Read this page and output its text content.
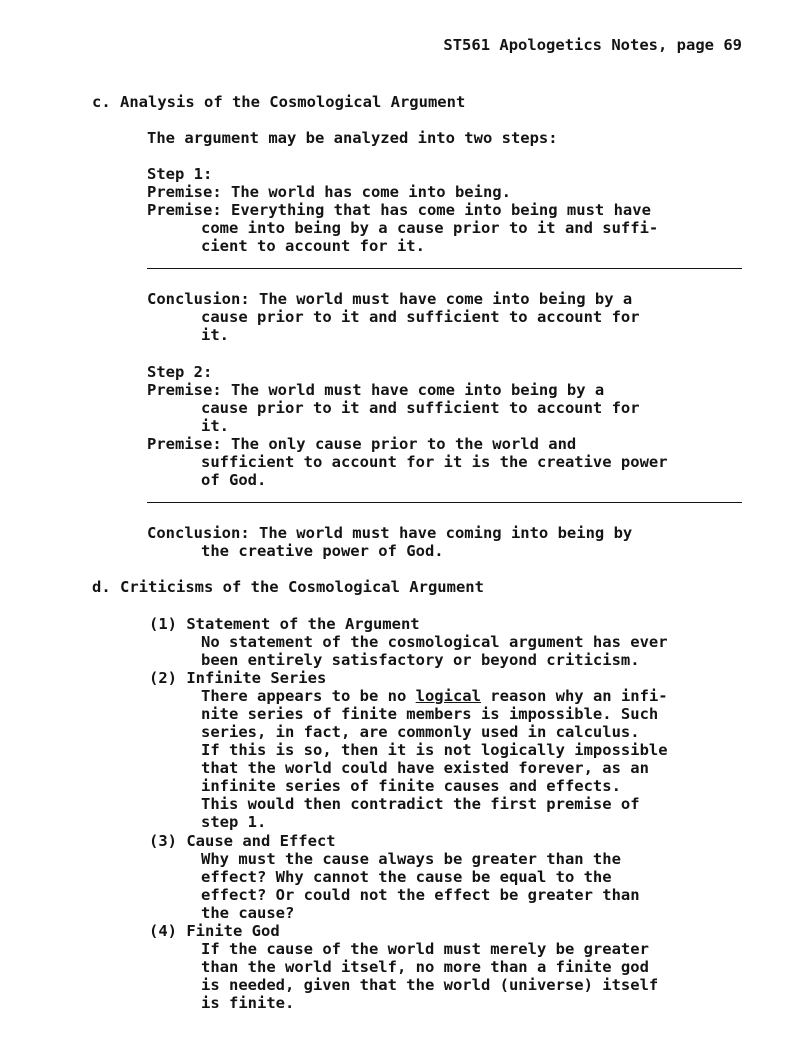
ST561 Apologetics Notes, page 69
c. Analysis of the Cosmological Argument
The argument may be analyzed into two steps:
Step 1:
Premise: The world has come into being.
Premise: Everything that has come into being must have
come into being by a cause prior to it and suffi-
cient to account for it.
Conclusion: The world must have come into being by a
cause prior to it and sufficient to account for
it.
Step 2:
Premise: The world must have come into being by a
cause prior to it and sufficient to account for
it.
Premise: The only cause prior to the world and
sufficient to account for it is the creative power
of God.
Conclusion: The world must have coming into being by
the creative power of God.
d. Criticisms of the Cosmological Argument
(1) Statement of the Argument
No statement of the cosmological argument has ever
been entirely satisfactory or beyond criticism.
(2) Infinite Series
There appears to be no logical reason why an infi-
nite series of finite members is impossible. Such
series, in fact, are commonly used in calculus.
If this is so, then it is not logically impossible
that the world could have existed forever, as an
infinite series of finite causes and effects.
This would then contradict the first premise of
step 1.
(3) Cause and Effect
Why must the cause always be greater than the
effect? Why cannot the cause be equal to the
effect? Or could not the effect be greater than
the cause?
(4) Finite God
If the cause of the world must merely be greater
than the world itself, no more than a finite god
is needed, given that the world (universe) itself
is finite.
